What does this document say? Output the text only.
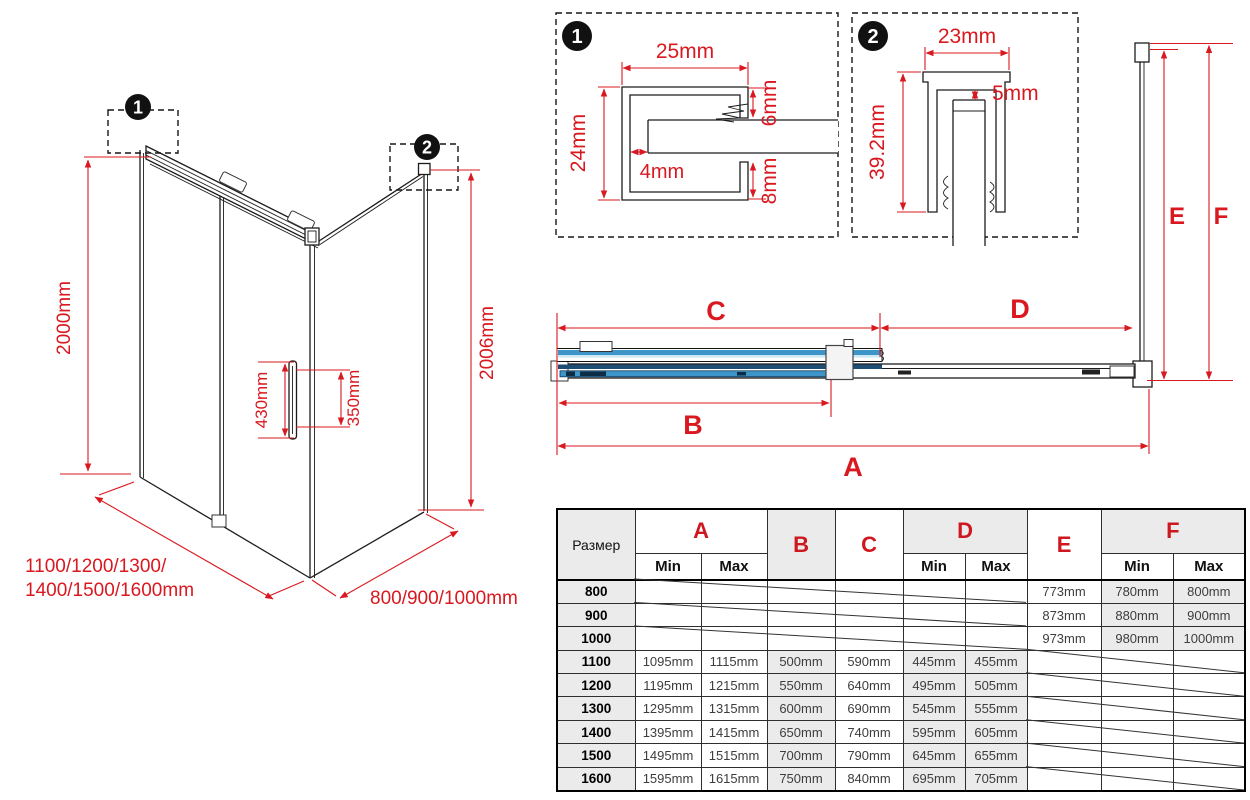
1
2
2000mm	2006mm
430mm	350mm
1100/1200/1300/
1400/1500/1600mm	800/900/1000mm
1
25mm
24mm 4mm
6mm
8mm
2	23mm
5mm
39.2mm
C	D
B
A
E F
Размер	A		B	C	D		E	F	
	Min	Max			Min	Max		Min	Max
800							773mm	780mm	800mm
900							873mm	880mm	900mm
1000							973mm	980mm	1000mm
1100	1095mm	1115mm	500mm	590mm	445mm	455mm			
1200	1195mm	1215mm	550mm	640mm	495mm	505mm			
1300	1295mm	1315mm	600mm	690mm	545mm	555mm			
1400	1395mm	1415mm	650mm	740mm	595mm	605mm			
1500	1495mm	1515mm	700mm	790mm	645mm	655mm			
1600	1595mm	1615mm	750mm	840mm	695mm	705mm			
